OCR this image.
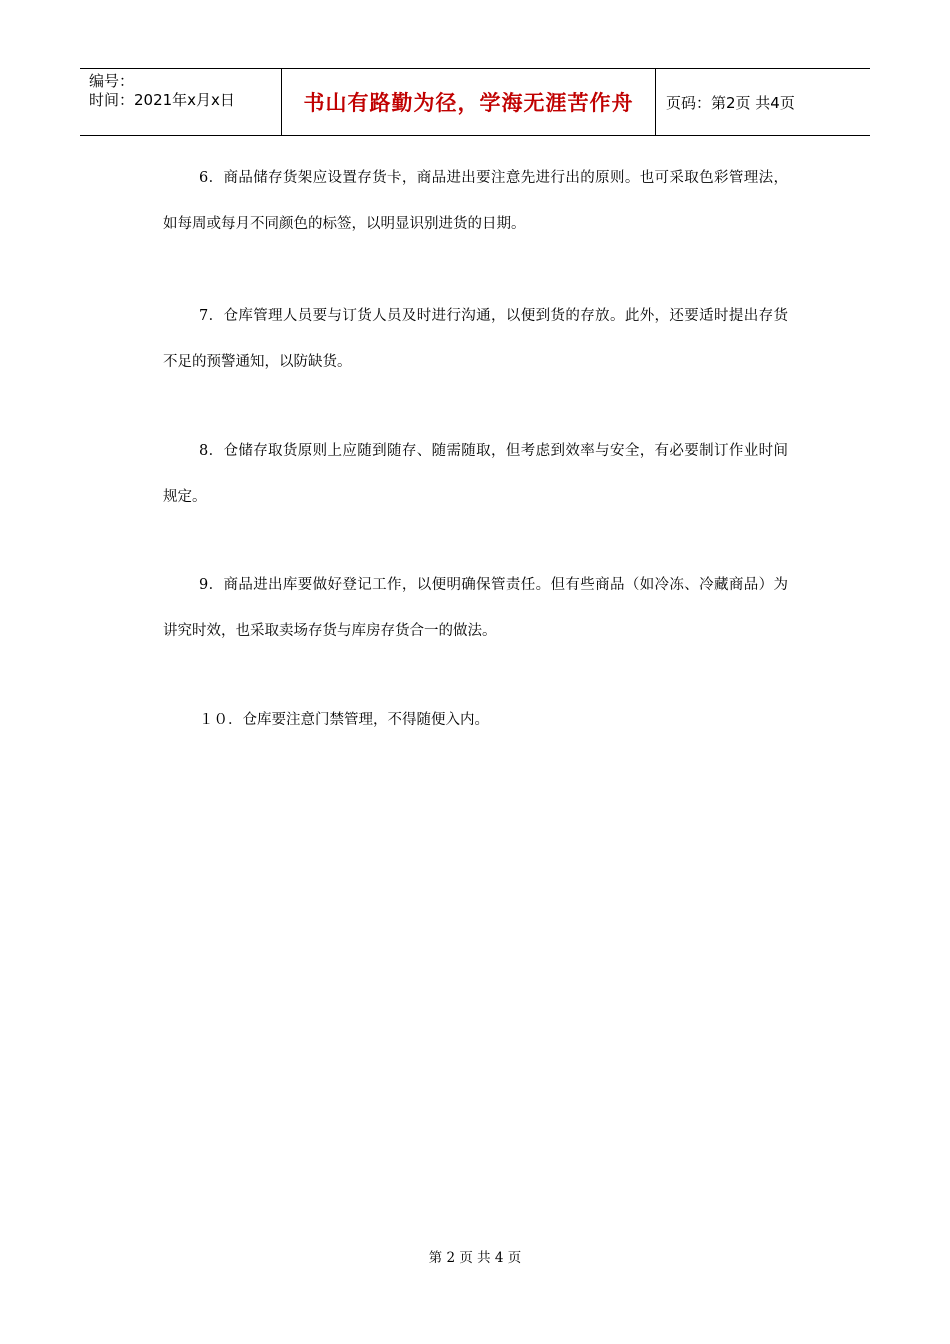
编号：
时间：2021年x月x日	书山有路勤为径，学海无涯苦作舟 页码：第2页 共4页
6．商品储存货架应设置存货卡，商品进出要注意先进行出的原则。也可采取色彩管理法，如每周或每月不同颜色的标签，以明显识别进货的日期。
7．仓库管理人员要与订货人员及时进行沟通，以便到货的存放。此外，还要适时提出存货不足的预警通知，以防缺货。
8．仓储存取货原则上应随到随存、随需随取，但考虑到效率与安全，有必要制订作业时间规定。
9．商品进出库要做好登记工作，以便明确保管责任。但有些商品（如冷冻、冷藏商品）为讲究时效，也采取卖场存货与库房存货合一的做法。
１０．仓库要注意门禁管理，不得随便入内。
第 2 页 共 4 页
